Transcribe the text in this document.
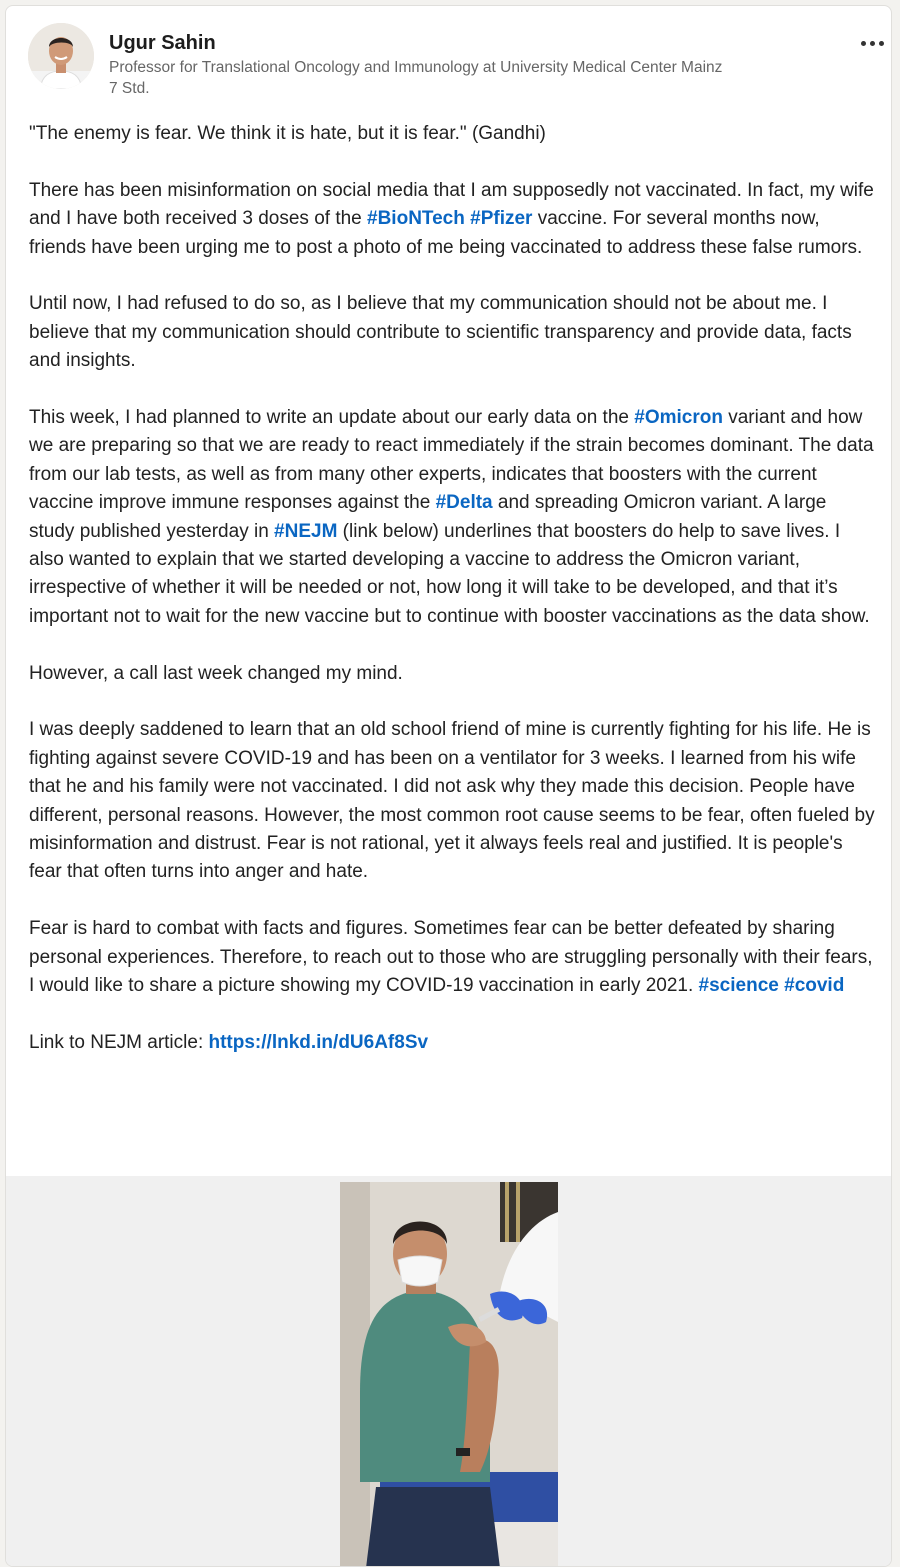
Ugur Sahin
Professor for Translational Oncology and Immunology at University Medical Center Mainz
7 Std.

"The enemy is fear. We think it is hate, but it is fear." (Gandhi)

There has been misinformation on social media that I am supposedly not vaccinated. In fact, my wife and I have both received 3 doses of the #BioNTech #Pfizer vaccine. For several months now, friends have been urging me to post a photo of me being vaccinated to address these false rumors.

Until now, I had refused to do so, as I believe that my communication should not be about me. I believe that my communication should contribute to scientific transparency and provide data, facts and insights.

This week, I had planned to write an update about our early data on the #Omicron variant and how we are preparing so that we are ready to react immediately if the strain becomes dominant. The data from our lab tests, as well as from many other experts, indicates that boosters with the current vaccine improve immune responses against the #Delta and spreading Omicron variant. A large study published yesterday in #NEJM (link below) underlines that boosters do help to save lives. I also wanted to explain that we started developing a vaccine to address the Omicron variant, irrespective of whether it will be needed or not, how long it will take to be developed, and that it’s important not to wait for the new vaccine but to continue with booster vaccinations as the data show.

However, a call last week changed my mind.

I was deeply saddened to learn that an old school friend of mine is currently fighting for his life. He is fighting against severe COVID-19 and has been on a ventilator for 3 weeks. I learned from his wife that he and his family were not vaccinated. I did not ask why they made this decision. People have different, personal reasons. However, the most common root cause seems to be fear, often fueled by misinformation and distrust. Fear is not rational, yet it always feels real and justified. It is people's fear that often turns into anger and hate.

Fear is hard to combat with facts and figures. Sometimes fear can be better defeated by sharing personal experiences. Therefore, to reach out to those who are struggling personally with their fears, I would like to share a picture showing my COVID-19 vaccination in early 2021. #science #covid

Link to NEJM article: https://lnkd.in/dU6Af8Sv
